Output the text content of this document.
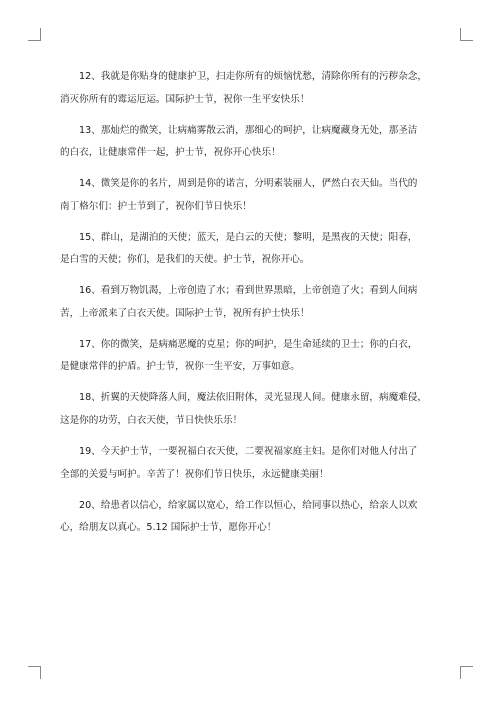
12、我就是你贴身的健康护卫，扫走你所有的烦恼忧愁，清除你所有的污秽杂念，
消灭你所有的霉运厄运。国际护士节，祝你一生平安快乐！

13、那灿烂的微笑，让病痛雾散云消，那细心的呵护，让病魔藏身无处，那圣洁
的白衣，让健康常伴一起，护士节，祝你开心快乐！

14、微笑是你的名片，周到是你的诺言，分明素装丽人，俨然白衣天仙。当代的
南丁格尔们：护士节到了，祝你们节日快乐！

15、群山，是湖泊的天使；蓝天，是白云的天使；黎明，是黑夜的天使；阳春，
是白雪的天使；你们，是我们的天使。护士节，祝你开心。

16、看到万物饥渴，上帝创造了水；看到世界黑暗，上帝创造了火；看到人间病
苦，上帝派来了白衣天使。国际护士节，祝所有护士快乐！

17、你的微笑，是病痛恶魔的克星；你的呵护，是生命延续的卫士；你的白衣，
是健康常伴的护盾。护士节，祝你一生平安，万事如意。

18、折翼的天使降落人间，魔法依旧附体，灵光显现人间。健康永留，病魔难侵，
这是你的功劳，白衣天使，节日快快乐乐！

19、今天护士节，一要祝福白衣天使，二要祝福家庭主妇。是你们对他人付出了
全部的关爱与呵护。辛苦了！祝你们节日快乐，永远健康美丽！

20、给患者以信心，给家属以宽心，给工作以恒心，给同事以热心，给亲人以欢
心，给朋友以真心。5.12 国际护士节，愿你开心！
